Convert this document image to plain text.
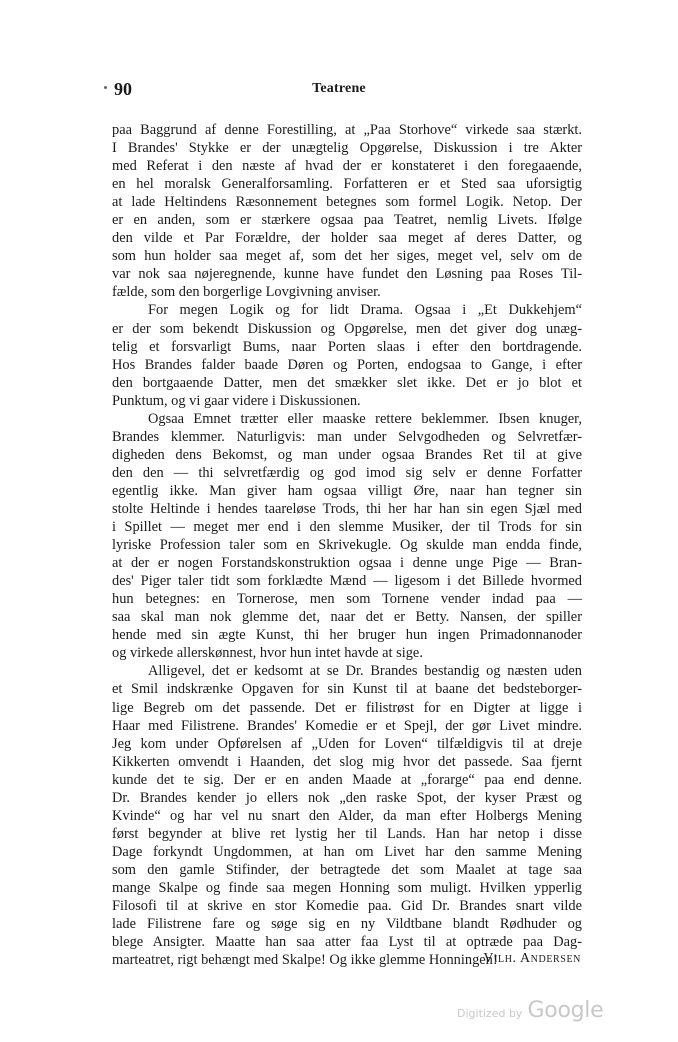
90	Teatrene
paa Baggrund af denne Forestilling, at „Paa Storhove“ virkede saa stærkt.
I Brandes' Stykke er der unægtelig Opgørelse, Diskussion i tre Akter
med Referat i den næste af hvad der er konstateret i den foregaaende,
en hel moralsk Generalforsamling. Forfatteren er et Sted saa uforsigtig
at lade Heltindens Ræsonnement betegnes som formel Logik. Netop. Der
er en anden, som er stærkere ogsaa paa Teatret, nemlig Livets. Ifølge
den vilde et Par Forældre, der holder saa meget af deres Datter, og
som hun holder saa meget af, som det her siges, meget vel, selv om de
var nok saa nøjeregnende, kunne have fundet den Løsning paa Roses Til-
fælde, som den borgerlige Lovgivning anviser.
For megen Logik og for lidt Drama. Ogsaa i „Et Dukkehjem“
er der som bekendt Diskussion og Opgørelse, men det giver dog unæg-
telig et forsvarligt Bums, naar Porten slaas i efter den bortdragende.
Hos Brandes falder baade Døren og Porten, endogsaa to Gange, i efter
den bortgaaende Datter, men det smækker slet ikke. Det er jo blot et
Punktum, og vi gaar videre i Diskussionen.
Ogsaa Emnet trætter eller maaske rettere beklemmer. Ibsen knuger,
Brandes klemmer. Naturligvis: man under Selvgodheden og Selvretfær-
digheden dens Bekomst, og man under ogsaa Brandes Ret til at give
den den — thi selvretfærdig og god imod sig selv er denne Forfatter
egentlig ikke. Man giver ham ogsaa villigt Øre, naar han tegner sin
stolte Heltinde i hendes taareløse Trods, thi her har han sin egen Sjæl med
i Spillet — meget mer end i den slemme Musiker, der til Trods for sin
lyriske Profession taler som en Skrivekugle. Og skulde man endda finde,
at der er nogen Forstandskonstruktion ogsaa i denne unge Pige — Bran-
des' Piger taler tidt som forklædte Mænd — ligesom i det Billede hvormed
hun betegnes: en Tornerose, men som Tornene vender indad paa —
saa skal man nok glemme det, naar det er Betty. Nansen, der spiller
hende med sin ægte Kunst, thi her bruger hun ingen Primadonnanoder
og virkede allerskønnest, hvor hun intet havde at sige.
Alligevel, det er kedsomt at se Dr. Brandes bestandig og næsten uden
et Smil indskrænke Opgaven for sin Kunst til at baane det bedsteborger-
lige Begreb om det passende. Det er filistrøst for en Digter at ligge i
Haar med Filistrene. Brandes' Komedie er et Spejl, der gør Livet mindre.
Jeg kom under Opførelsen af „Uden for Loven“ tilfældigvis til at dreje
Kikkerten omvendt i Haanden, det slog mig hvor det passede. Saa fjernt
kunde det te sig. Der er en anden Maade at „forarge“ paa end denne.
Dr. Brandes kender jo ellers nok „den raske Spot, der kyser Præst og
Kvinde“ og har vel nu snart den Alder, da man efter Holbergs Mening
først begynder at blive ret lystig her til Lands. Han har netop i disse
Dage forkyndt Ungdommen, at han om Livet har den samme Mening
som den gamle Stifinder, der betragtede det som Maalet at tage saa
mange Skalpe og finde saa megen Honning som muligt. Hvilken ypperlig
Filosofi til at skrive en stor Komedie paa. Gid Dr. Brandes snart vilde
lade Filistrene fare og søge sig en ny Vildtbane blandt Rødhuder og
blege Ansigter. Maatte han saa atter faa Lyst til at optræde paa Dag-
marteatret, rigt behængt med Skalpe! Og ikke glemme Honningen!
Vilh. Andersen
Digitized by Google
